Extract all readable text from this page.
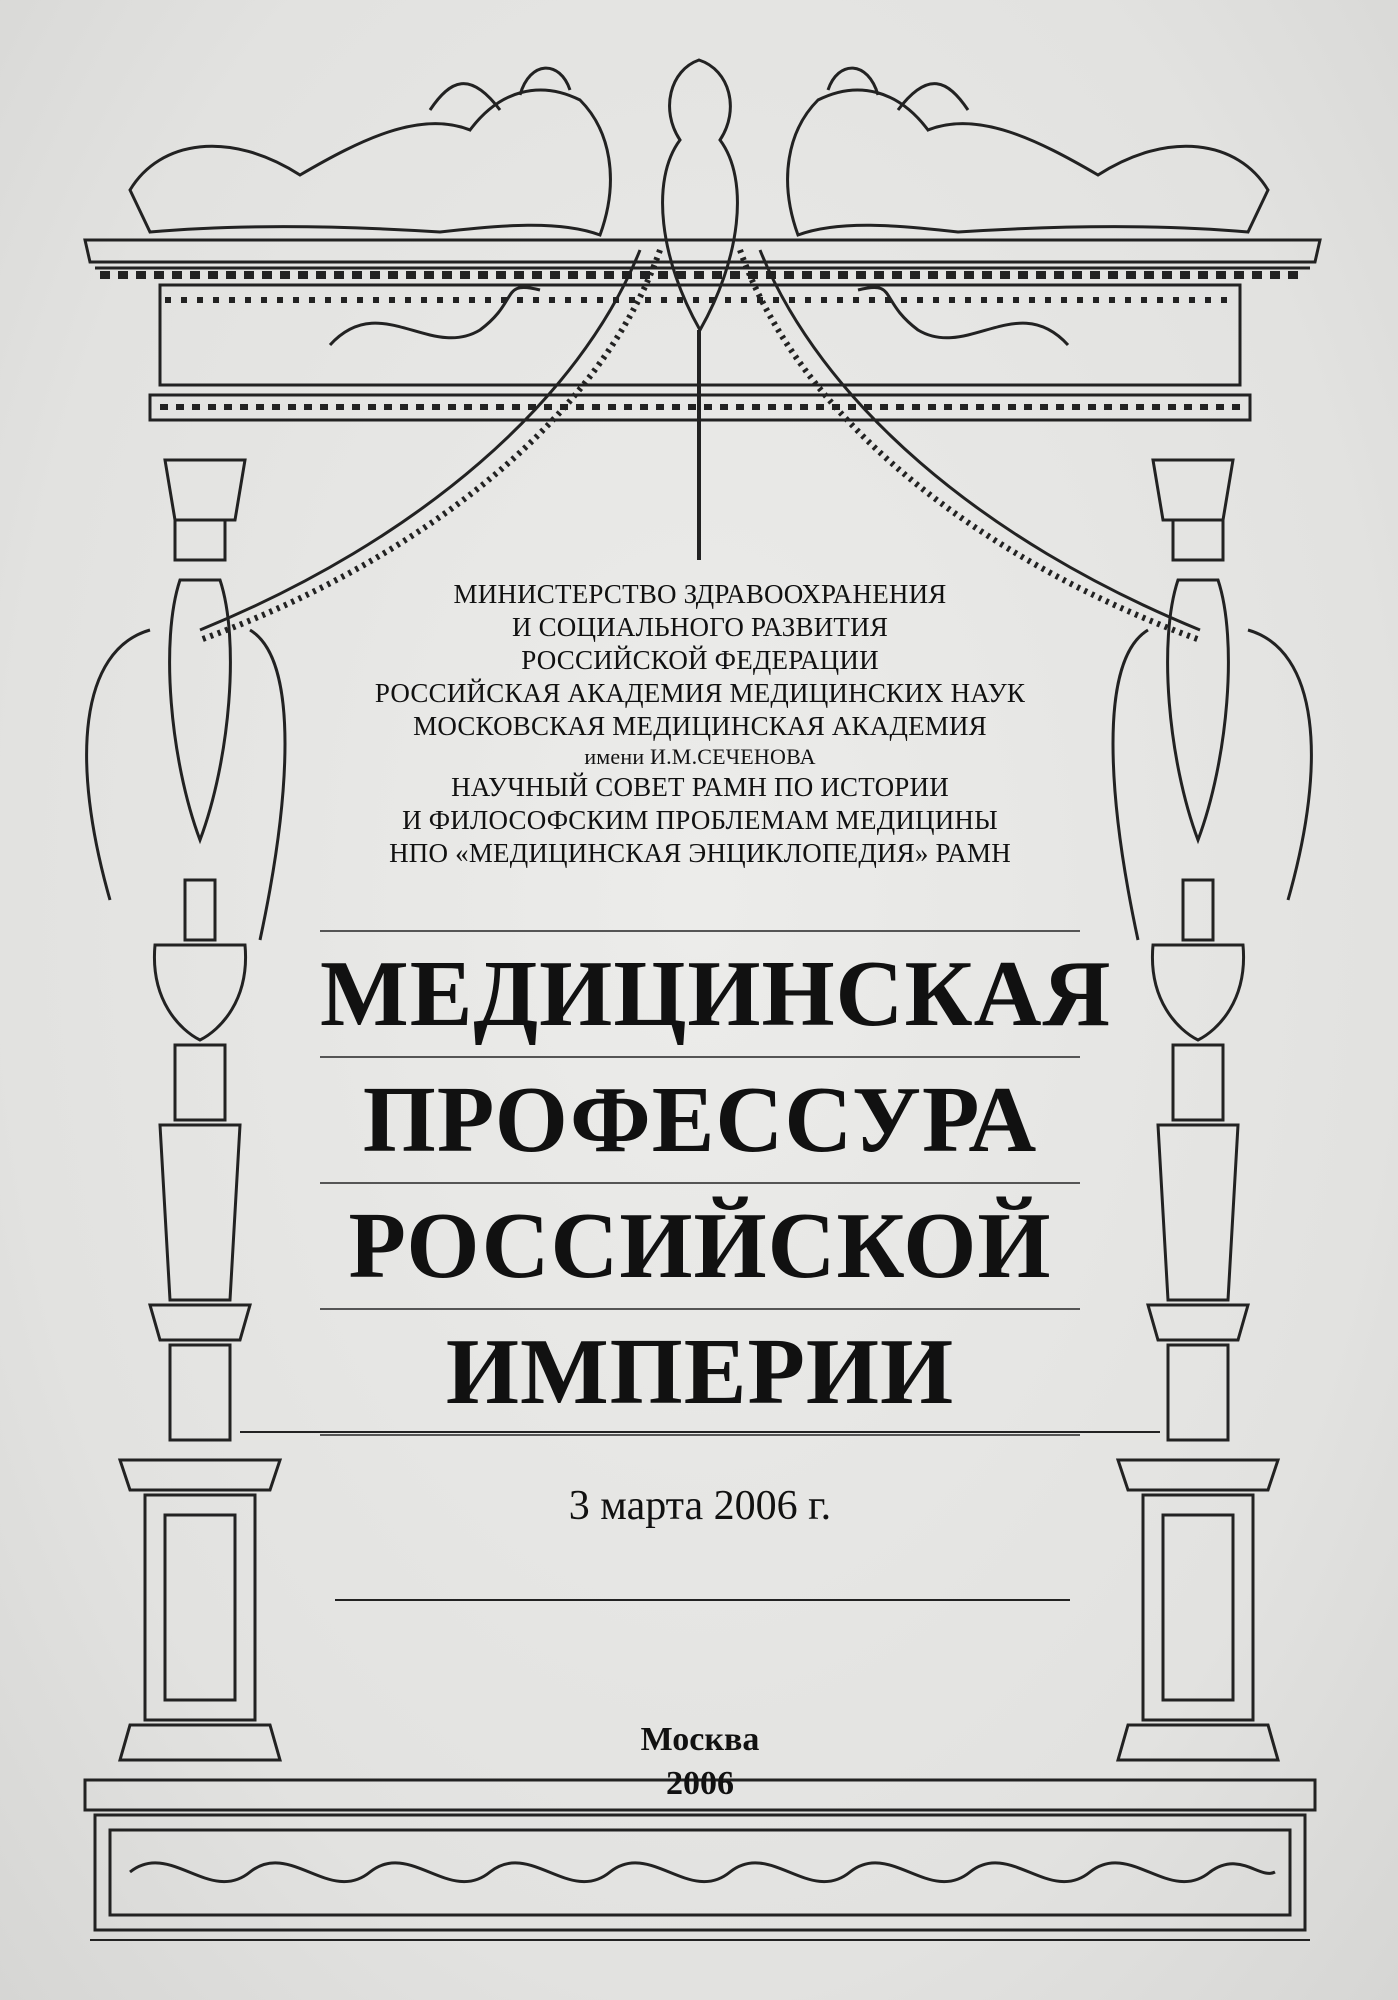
МИНИСТЕРСТВО ЗДРАВООХРАНЕНИЯ
И СОЦИАЛЬНОГО РАЗВИТИЯ
РОССИЙСКОЙ ФЕДЕРАЦИИ
РОССИЙСКАЯ АКАДЕМИЯ МЕДИЦИНСКИХ НАУК
МОСКОВСКАЯ МЕДИЦИНСКАЯ АКАДЕМИЯ
имени И.М.СЕЧЕНОВА
НАУЧНЫЙ СОВЕТ РАМН ПО ИСТОРИИ
И ФИЛОСОФСКИМ ПРОБЛЕМАМ МЕДИЦИНЫ
НПО «МЕДИЦИНСКАЯ ЭНЦИКЛОПЕДИЯ» РАМН
МЕДИЦИНСКАЯ
ПРОФЕССУРА
РОССИЙСКОЙ
ИМПЕРИИ
3 марта 2006 г.
Москва
2006
